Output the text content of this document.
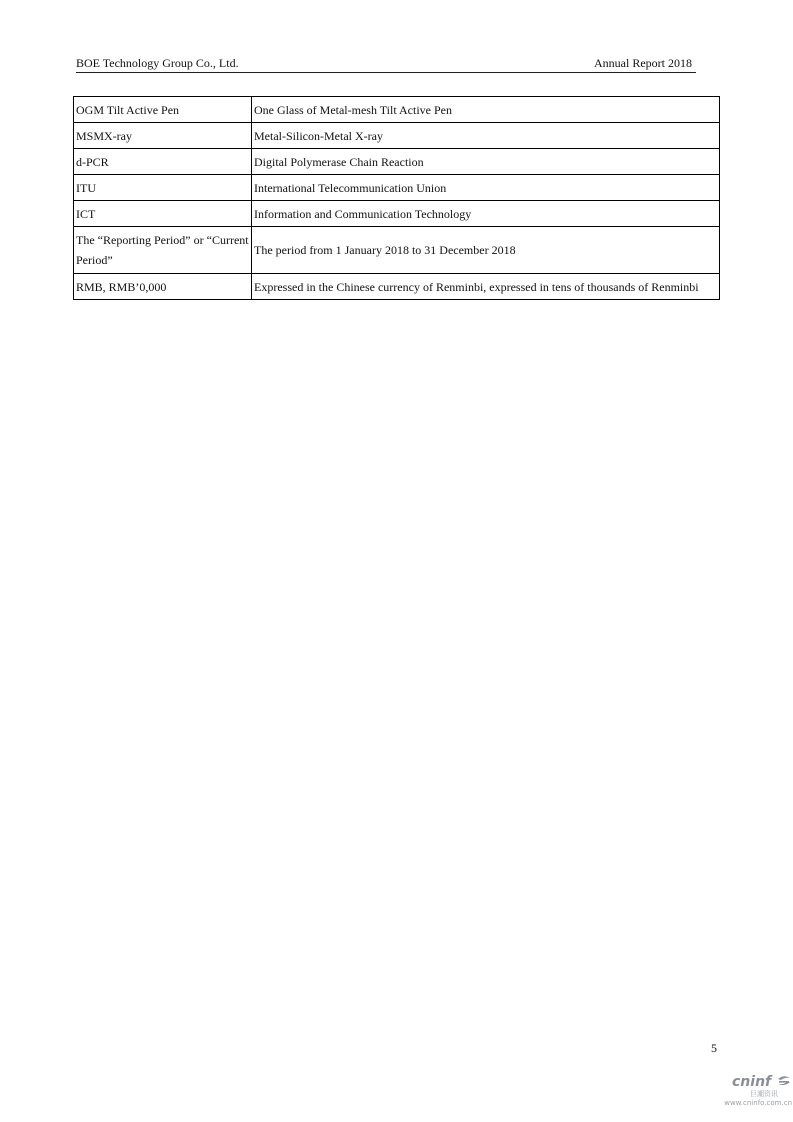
BOE Technology Group Co., Ltd.	Annual Report 2018
OGM Tilt Active Pen	One Glass of Metal-mesh Tilt Active Pen
MSMX-ray	Metal-Silicon-Metal X-ray
d-PCR	Digital Polymerase Chain Reaction
ITU	International Telecommunication Union
ICT	Information and Communication Technology
The “Reporting Period” or “Current Period”	The period from 1 January 2018 to 31 December 2018
RMB, RMB’0,000	Expressed in the Chinese currency of Renminbi, expressed in tens of thousands of Renminbi
5
cninf
巨潮资讯
www.cninfo.com.cn
